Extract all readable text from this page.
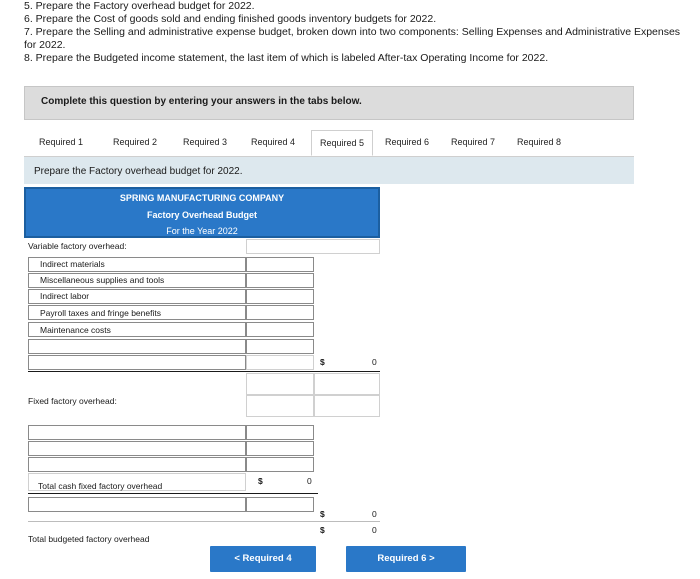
5. Prepare the Factory overhead budget for 2022.
6. Prepare the Cost of goods sold and ending finished goods inventory budgets for 2022.
7. Prepare the Selling and administrative expense budget, broken down into two components: Selling Expenses and Administrative Expenses for 2022.
8. Prepare the Budgeted income statement, the last item of which is labeled After-tax Operating Income for 2022.
Complete this question by entering your answers in the tabs below.
Required 1	Required 2	Required 3	Required 4	Required 5	Required 6	Required 7	Required 8
Prepare the Factory overhead budget for 2022.
SPRING MANUFACTURING COMPANY
Factory Overhead Budget
For the Year 2022
Variable factory overhead:
Indirect materials
Miscellaneous supplies and tools
Indirect labor
Payroll taxes and fringe benefits
Maintenance costs
$	0
Fixed factory overhead:
Total cash fixed factory overhead	$	0
$	0
Total budgeted factory overhead
$	0
< Required 4	Required 6 >
